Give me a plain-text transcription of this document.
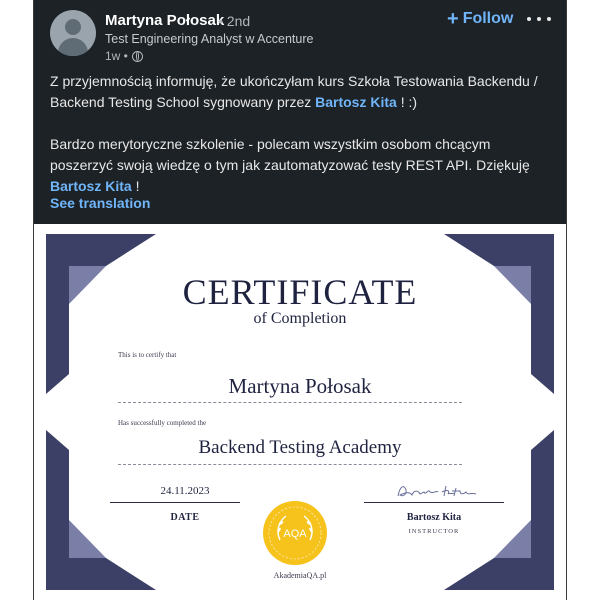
Martyna Połosak
• 2nd
Test Engineering Analyst w Accenture
1w •
+ Follow

Z przyjemnością informuję, że ukończyłam kurs Szkoła Testowania Backendu / Backend Testing School sygnowany przez Bartosz Kita ! :)

Bardzo merytoryczne szkolenie - polecam wszystkim osobom chcącym poszerzyć swoją wiedzę o tym jak zautomatyzować testy REST API. Dziękuję Bartosz Kita !

See translation
CERTIFICATE
of Completion
This is to certify that
Martyna Połosak
Has successfully completed the
Backend Testing Academy
24.11.2023
DATE	Bartosz Kita
INSTRUCTOR
AQA
AkademiaQA.pl
